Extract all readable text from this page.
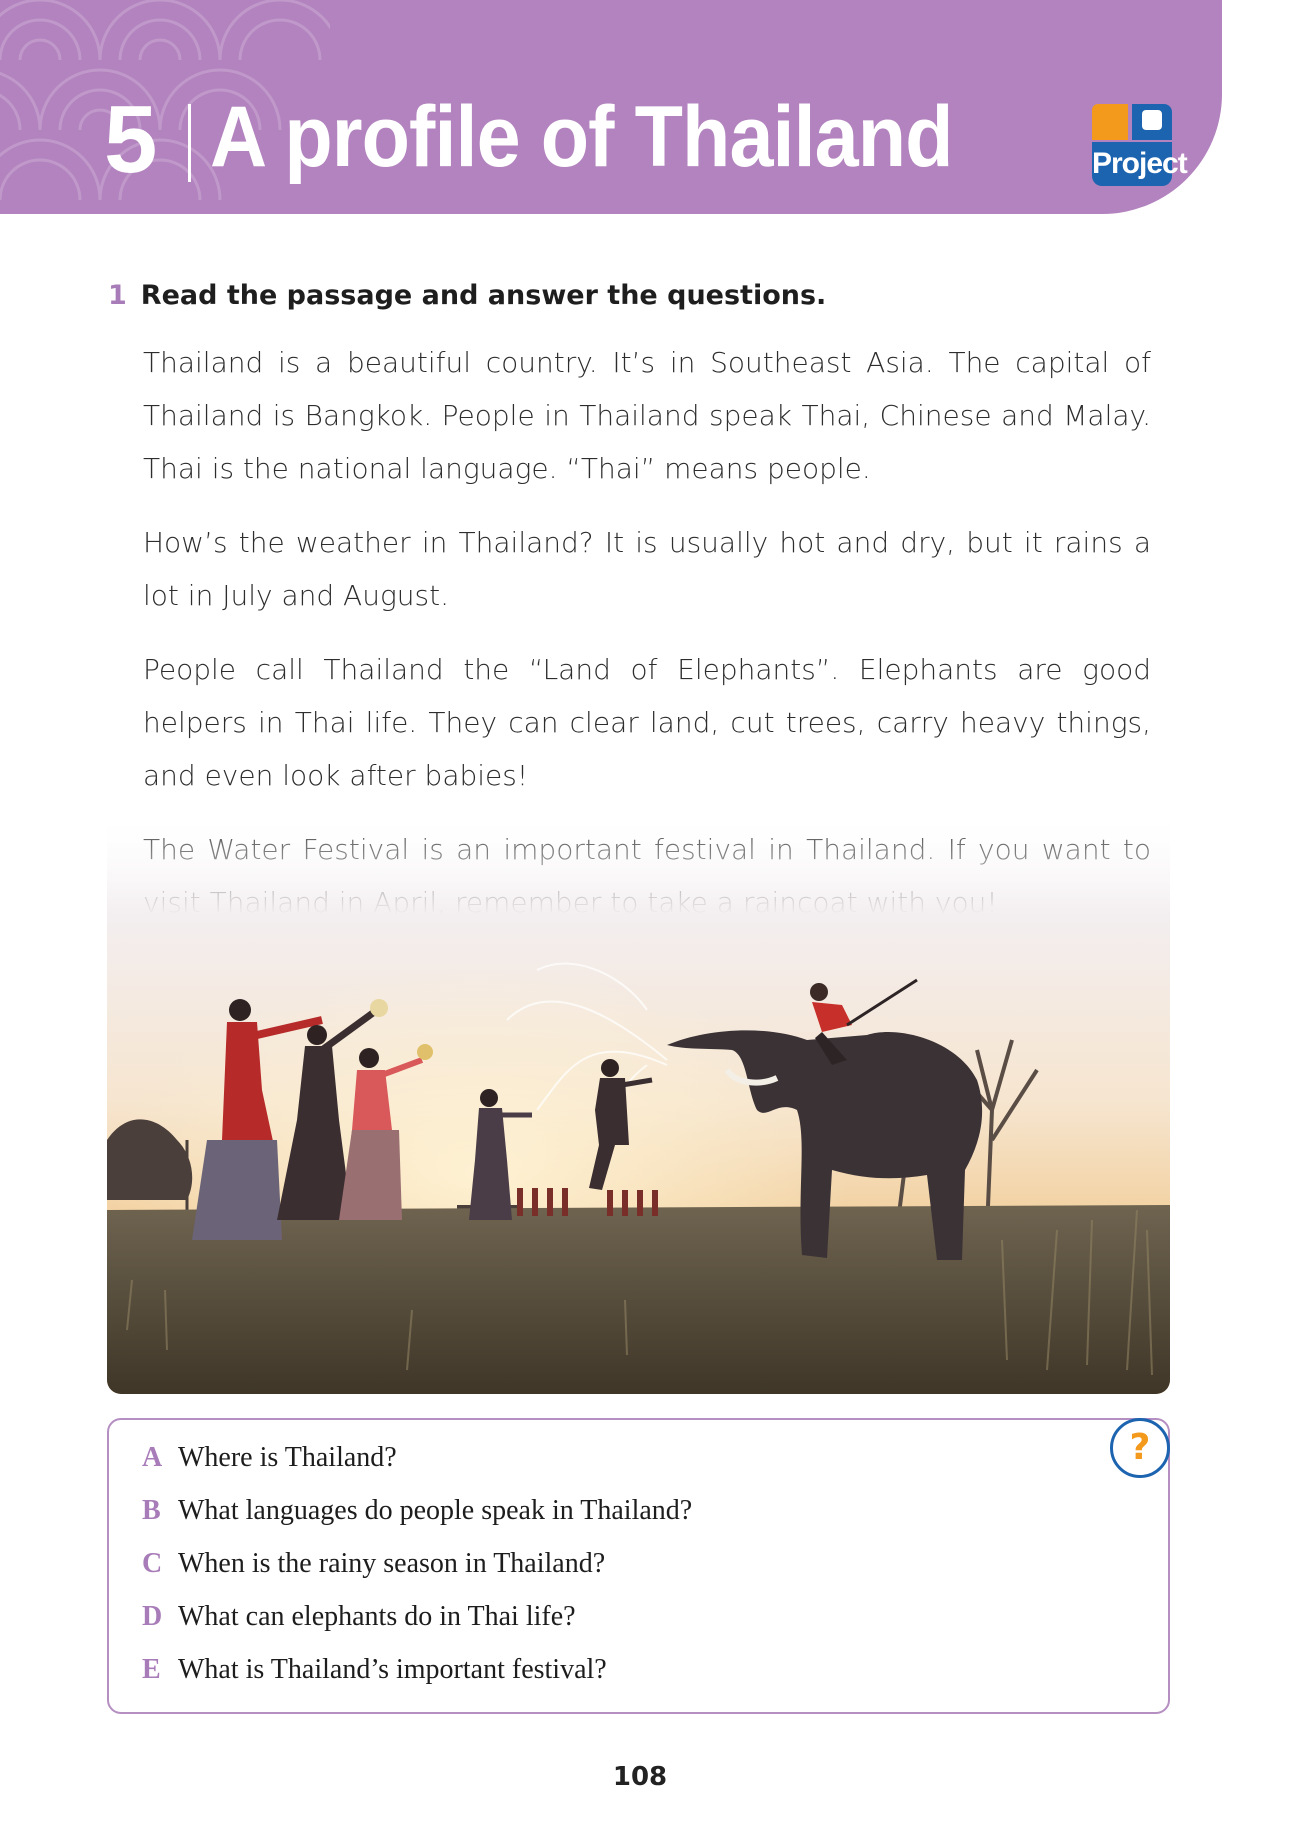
5 A profile of Thailand	Project
1 Read the passage and answer the questions.

Thailand is a beautiful country. It’s in Southeast Asia. The capital of Thailand is Bangkok. People in Thailand speak Thai, Chinese and Malay. Thai is the national language. “Thai” means people.

How’s the weather in Thailand? It is usually hot and dry, but it rains a lot in July and August.

People call Thailand the “Land of Elephants”. Elephants are good helpers in Thai life. They can clear land, cut trees, carry heavy things, and even look after babies!

?
A Where is Thailand?
B What languages do people speak in Thailand?
C When is the rainy season in Thailand?
D What can elephants do in Thai life?
E What is Thailand’s important festival?
108
